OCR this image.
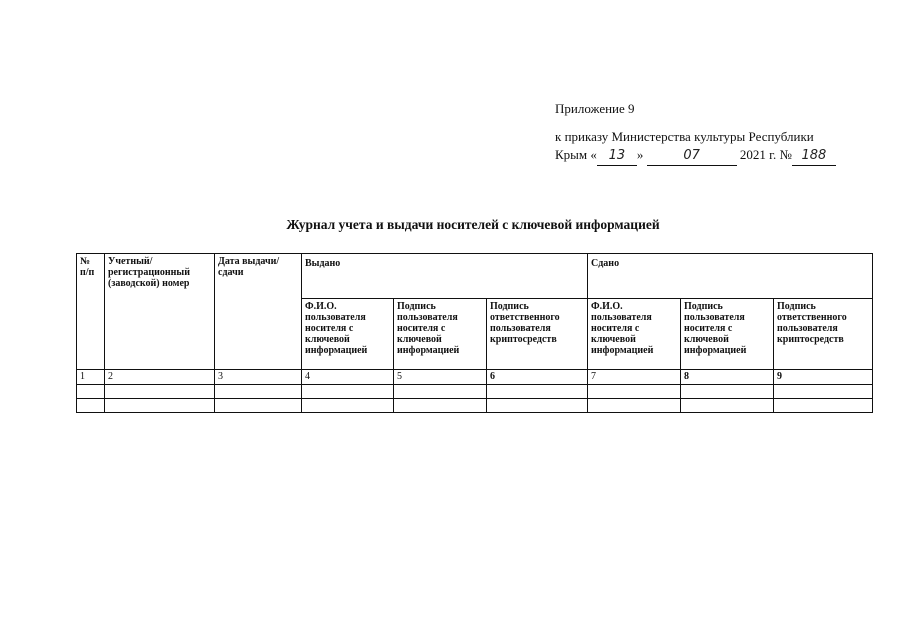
Приложение 9
к приказу Министерства культуры Республики
Крым « 13 »	07	2021 г. № 188
Журнал учета и выдачи носителей с ключевой информацией
№ п/п	Учетный/ регистрационный (заводской) номер	Дата выдачи/сдачи	Выдано			Сдано		
			Ф.И.О. пользователя носителя с ключевой информацией	Подпись пользователя носителя с ключевой информацией	Подпись ответственного пользователя криптосредств	Ф.И.О. пользователя носителя с ключевой информацией	Подпись пользователя носителя с ключевой информацией	Подпись ответственного пользователя криптосредств
1	2	3	4	5	6	7	8	9
